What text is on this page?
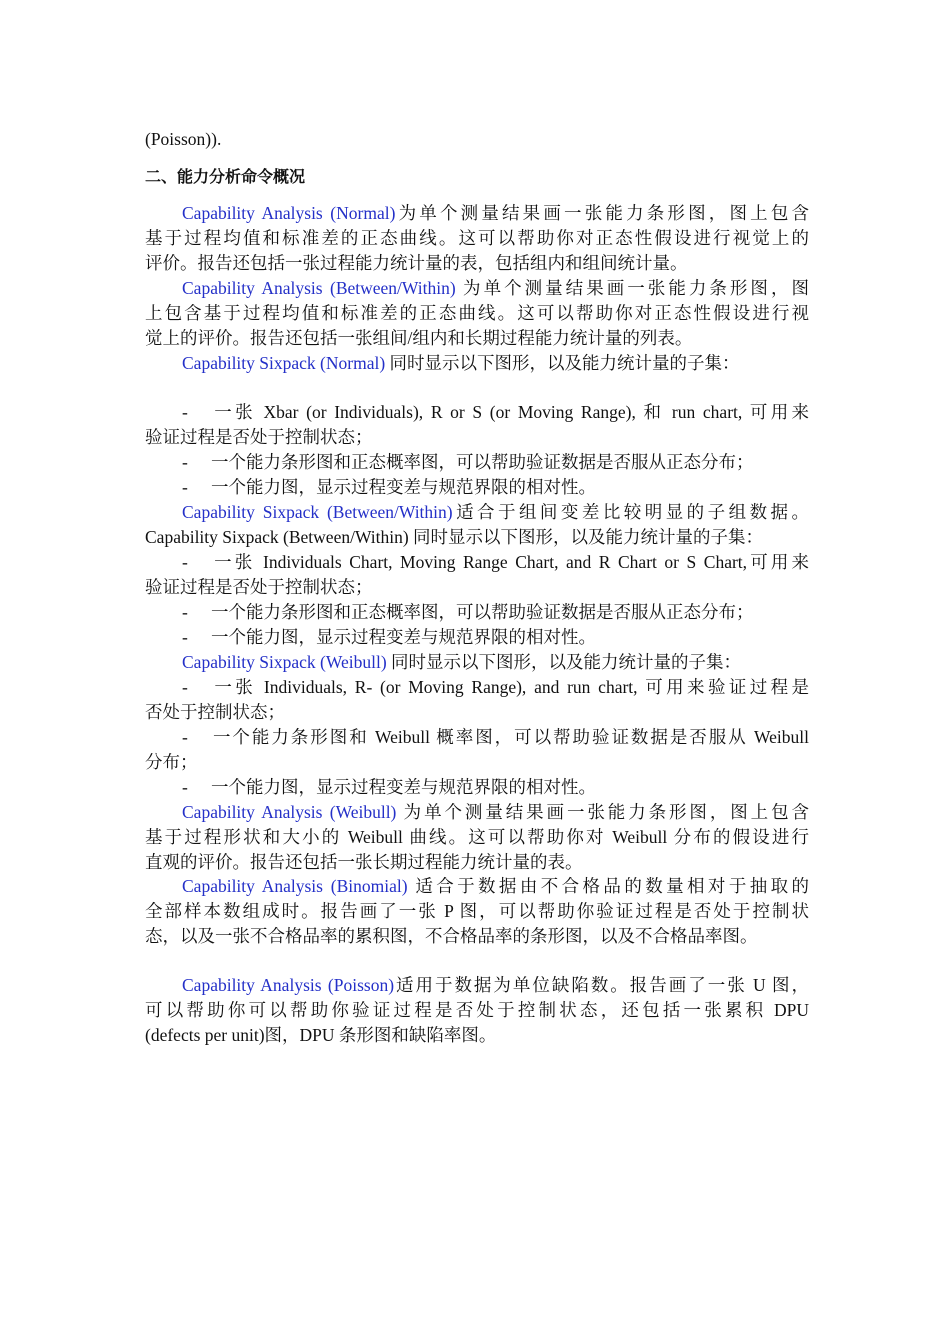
(Poisson)).
二、能力分析命令概况
Capability Analysis (Normal)为单个测量结果画一张能力条形图，图上包含
基于过程均值和标准差的正态曲线。这可以帮助你对正态性假设进行视觉上的
评价。报告还包括一张过程能力统计量的表，包括组内和组间统计量。
Capability Analysis (Between/Within) 为单个测量结果画一张能力条形图，图
上包含基于过程均值和标准差的正态曲线。这可以帮助你对正态性假设进行视
觉上的评价。报告还包括一张组间/组内和长期过程能力统计量的列表。
Capability Sixpack (Normal) 同时显示以下图形，以及能力统计量的子集：
- 一张 Xbar (or Individuals), R or S (or Moving Range), 和 run chart, 可用来
验证过程是否处于控制状态；
- 一个能力条形图和正态概率图，可以帮助验证数据是否服从正态分布；
- 一个能力图，显示过程变差与规范界限的相对性。
Capability Sixpack (Between/Within)适合于组间变差比较明显的子组数据。
Capability Sixpack (Between/Within) 同时显示以下图形，以及能力统计量的子集：
- 一张 Individuals Chart, Moving Range Chart, and R Chart or S Chart,可用来
验证过程是否处于控制状态；
- 一个能力条形图和正态概率图，可以帮助验证数据是否服从正态分布；
- 一个能力图，显示过程变差与规范界限的相对性。
Capability Sixpack (Weibull) 同时显示以下图形，以及能力统计量的子集：
- 一张 Individuals, R- (or Moving Range), and run chart, 可用来验证过程是
否处于控制状态；
- 一个能力条形图和 Weibull 概率图，可以帮助验证数据是否服从 Weibull
分布；
- 一个能力图，显示过程变差与规范界限的相对性。
Capability Analysis (Weibull) 为单个测量结果画一张能力条形图，图上包含
基于过程形状和大小的 Weibull 曲线。这可以帮助你对 Weibull 分布的假设进行
直观的评价。报告还包括一张长期过程能力统计量的表。
Capability Analysis (Binomial) 适合于数据由不合格品的数量相对于抽取的
全部样本数组成时。报告画了一张 P 图，可以帮助你验证过程是否处于控制状
态，以及一张不合格品率的累积图，不合格品率的条形图，以及不合格品率图。
Capability Analysis (Poisson)适用于数据为单位缺陷数。报告画了一张 U 图，
可以帮助你可以帮助你验证过程是否处于控制状态，还包括一张累积 DPU
(defects per unit)图，DPU 条形图和缺陷率图。
